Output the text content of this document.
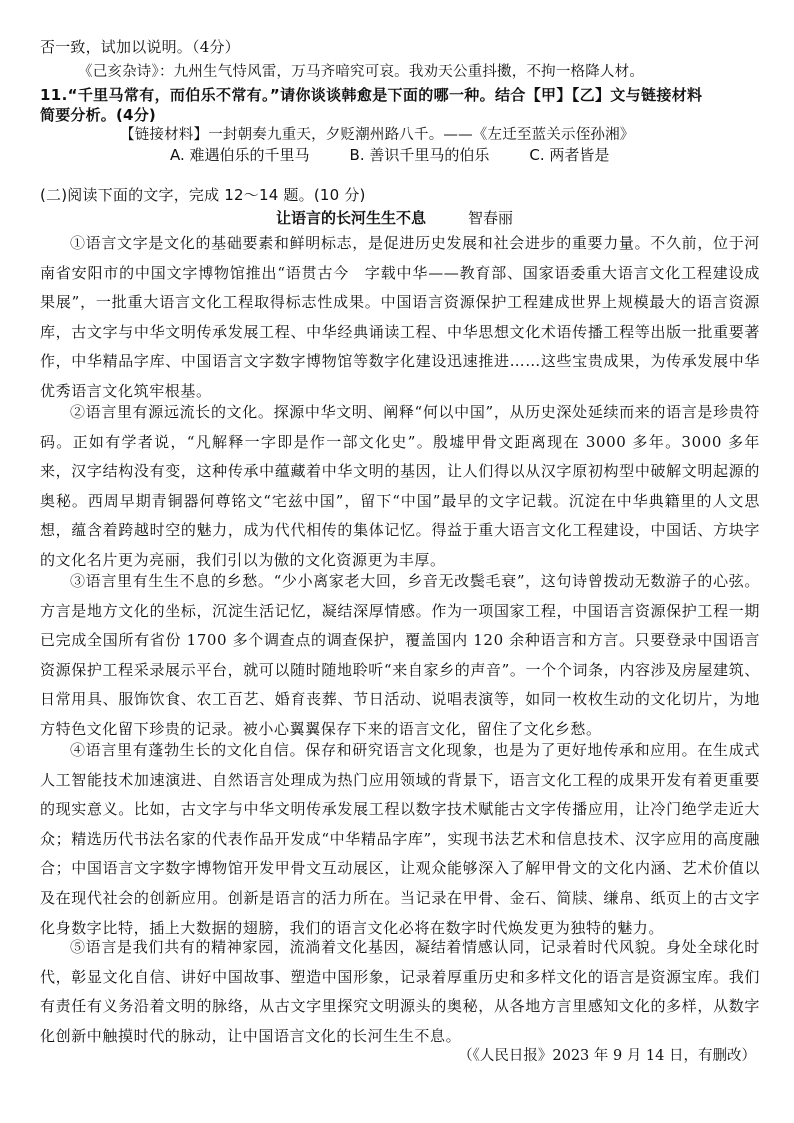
否一致，试加以说明。（4分）
《己亥杂诗》：九州生气恃风雷，万马齐喑究可哀。我劝天公重抖擞，不拘一格降人材。
11.“千里马常有，而伯乐不常有。”请你谈谈韩愈是下面的哪一种。结合【甲】【乙】文与链接材料
简要分析。(4分)
【链接材料】一封朝奏九重天，夕贬潮州路八千。——《左迁至蓝关示侄孙湘》
A. 难遇伯乐的千里马	B. 善识千里马的伯乐	C. 两者皆是
(二)阅读下面的文字，完成 12～14 题。(10 分)
让语言的长河生生不息	智春丽

①语言文字是文化的基础要素和鲜明标志，是促进历史发展和社会进步的重要力量。不久前，位于河南省安阳市的中国文字博物馆推出“语贯古今　字载中华——教育部、国家语委重大语言文化工程建设成果展”，一批重大语言文化工程取得标志性成果。中国语言资源保护工程建成世界上规模最大的语言资源库，古文字与中华文明传承发展工程、中华经典诵读工程、中华思想文化术语传播工程等出版一批重要著作，中华精品字库、中国语言文字数字博物馆等数字化建设迅速推进……这些宝贵成果，为传承发展中华优秀语言文化筑牢根基。

②语言里有源远流长的文化。探源中华文明、阐释“何以中国”，从历史深处延续而来的语言是珍贵符码。正如有学者说，“凡解释一字即是作一部文化史”。殷墟甲骨文距离现在 3000 多年。3000 多年来，汉字结构没有变，这种传承中蕴藏着中华文明的基因，让人们得以从汉字原初构型中破解文明起源的奥秘。西周早期青铜器何尊铭文“宅兹中国”，留下“中国”最早的文字记载。沉淀在中华典籍里的人文思想，蕴含着跨越时空的魅力，成为代代相传的集体记忆。得益于重大语言文化工程建设，中国话、方块字的文化名片更为亮丽，我们引以为傲的文化资源更为丰厚。

③语言里有生生不息的乡愁。“少小离家老大回，乡音无改鬓毛衰”，这句诗曾拨动无数游子的心弦。方言是地方文化的坐标，沉淀生活记忆，凝结深厚情感。作为一项国家工程，中国语言资源保护工程一期已完成全国所有省份 1700 多个调查点的调查保护，覆盖国内 120 余种语言和方言。只要登录中国语言资源保护工程采录展示平台，就可以随时随地聆听“来自家乡的声音”。一个个词条，内容涉及房屋建筑、日常用具、服饰饮食、农工百艺、婚育丧葬、节日活动、说唱表演等，如同一枚枚生动的文化切片，为地方特色文化留下珍贵的记录。被小心翼翼保存下来的语言文化，留住了文化乡愁。

④语言里有蓬勃生长的文化自信。保存和研究语言文化现象，也是为了更好地传承和应用。在生成式人工智能技术加速演进、自然语言处理成为热门应用领域的背景下，语言文化工程的成果开发有着更重要的现实意义。比如，古文字与中华文明传承发展工程以数字技术赋能古文字传播应用，让冷门绝学走近大众；精选历代书法名家的代表作品开发成“中华精品字库”，实现书法艺术和信息技术、汉字应用的高度融合；中国语言文字数字博物馆开发甲骨文互动展区，让观众能够深入了解甲骨文的文化内涵、艺术价值以及在现代社会的创新应用。创新是语言的活力所在。当记录在甲骨、金石、简牍、缣帛、纸页上的古文字化身数字比特，插上大数据的翅膀，我们的语言文化必将在数字时代焕发更为独特的魅力。

⑤语言是我们共有的精神家园，流淌着文化基因，凝结着情感认同，记录着时代风貌。身处全球化时代，彰显文化自信、讲好中国故事、塑造中国形象，记录着厚重历史和多样文化的语言是资源宝库。我们有责任有义务沿着文明的脉络，从古文字里探究文明源头的奥秘，从各地方言里感知文化的多样，从数字化创新中触摸时代的脉动，让中国语言文化的长河生生不息。

（《人民日报》2023 年 9 月 14 日，有删改）
